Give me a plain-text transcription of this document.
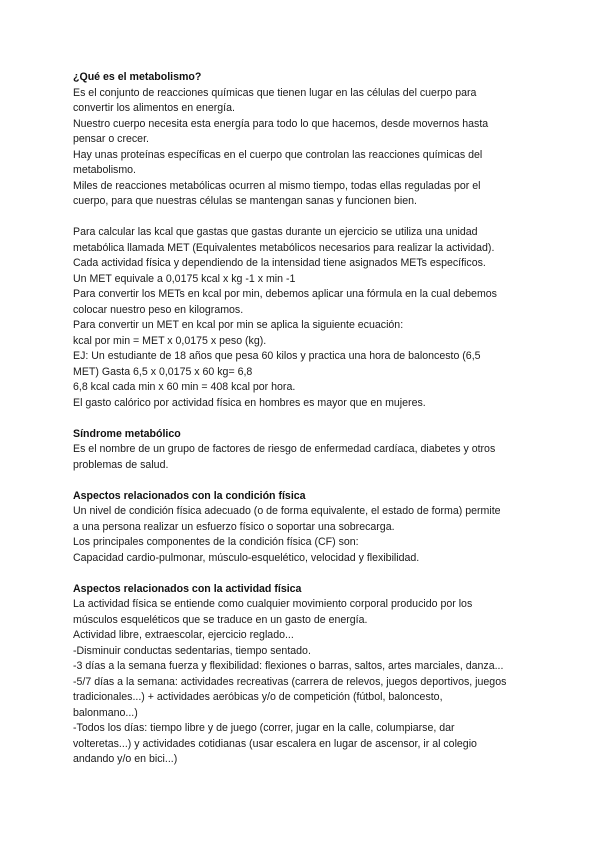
¿Qué es el metabolismo?
Es el conjunto de reacciones químicas que tienen lugar en las células del cuerpo para
convertir los alimentos en energía.
Nuestro cuerpo necesita esta energía para todo lo que hacemos, desde movernos hasta
pensar o crecer.
Hay unas proteínas específicas en el cuerpo que controlan las reacciones químicas del
metabolismo.
Miles de reacciones metabólicas ocurren al mismo tiempo, todas ellas reguladas por el
cuerpo, para que nuestras células se mantengan sanas y funcionen bien.
Para calcular las kcal que gastas que gastas durante un ejercicio se utiliza una unidad
metabólica llamada MET (Equivalentes metabólicos necesarios para realizar la actividad).
Cada actividad física y dependiendo de la intensidad tiene asignados METs específicos.
Un MET equivale a 0,0175 kcal x kg -1 x min -1
Para convertir los METs en kcal por min, debemos aplicar una fórmula en la cual debemos
colocar nuestro peso en kilogramos.
Para convertir un MET en kcal por min se aplica la siguiente ecuación:
kcal por min = MET x 0,0175 x peso (kg).
EJ: Un estudiante de 18 años que pesa 60 kilos y practica una hora de baloncesto (6,5
MET) Gasta 6,5 x 0,0175 x 60 kg= 6,8
6,8 kcal cada min x 60 min = 408 kcal por hora.
El gasto calórico por actividad física en hombres es mayor que en mujeres.
Síndrome metabólico
Es el nombre de un grupo de factores de riesgo de enfermedad cardíaca, diabetes y otros
problemas de salud.
Aspectos relacionados con la condición física
Un nivel de condición física adecuado (o de forma equivalente, el estado de forma) permite
a una persona realizar un esfuerzo físico o soportar una sobrecarga.
Los principales componentes de la condición física (CF) son:
Capacidad cardio-pulmonar, músculo-esquelético, velocidad y flexibilidad.
Aspectos relacionados con la actividad física
La actividad física se entiende como cualquier movimiento corporal producido por los
músculos esqueléticos que se traduce en un gasto de energía.
Actividad libre, extraescolar, ejercicio reglado...
-Disminuir conductas sedentarias, tiempo sentado.
-3 días a la semana fuerza y flexibilidad: flexiones o barras, saltos, artes marciales, danza...
-5/7 días a la semana: actividades recreativas (carrera de relevos, juegos deportivos, juegos
tradicionales...) + actividades aeróbicas y/o de competición (fútbol, baloncesto,
balonmano...)
-Todos los días: tiempo libre y de juego (correr, jugar en la calle, columpiarse, dar
volteretas...) y actividades cotidianas (usar escalera en lugar de ascensor, ir al colegio
andando y/o en bici...)
